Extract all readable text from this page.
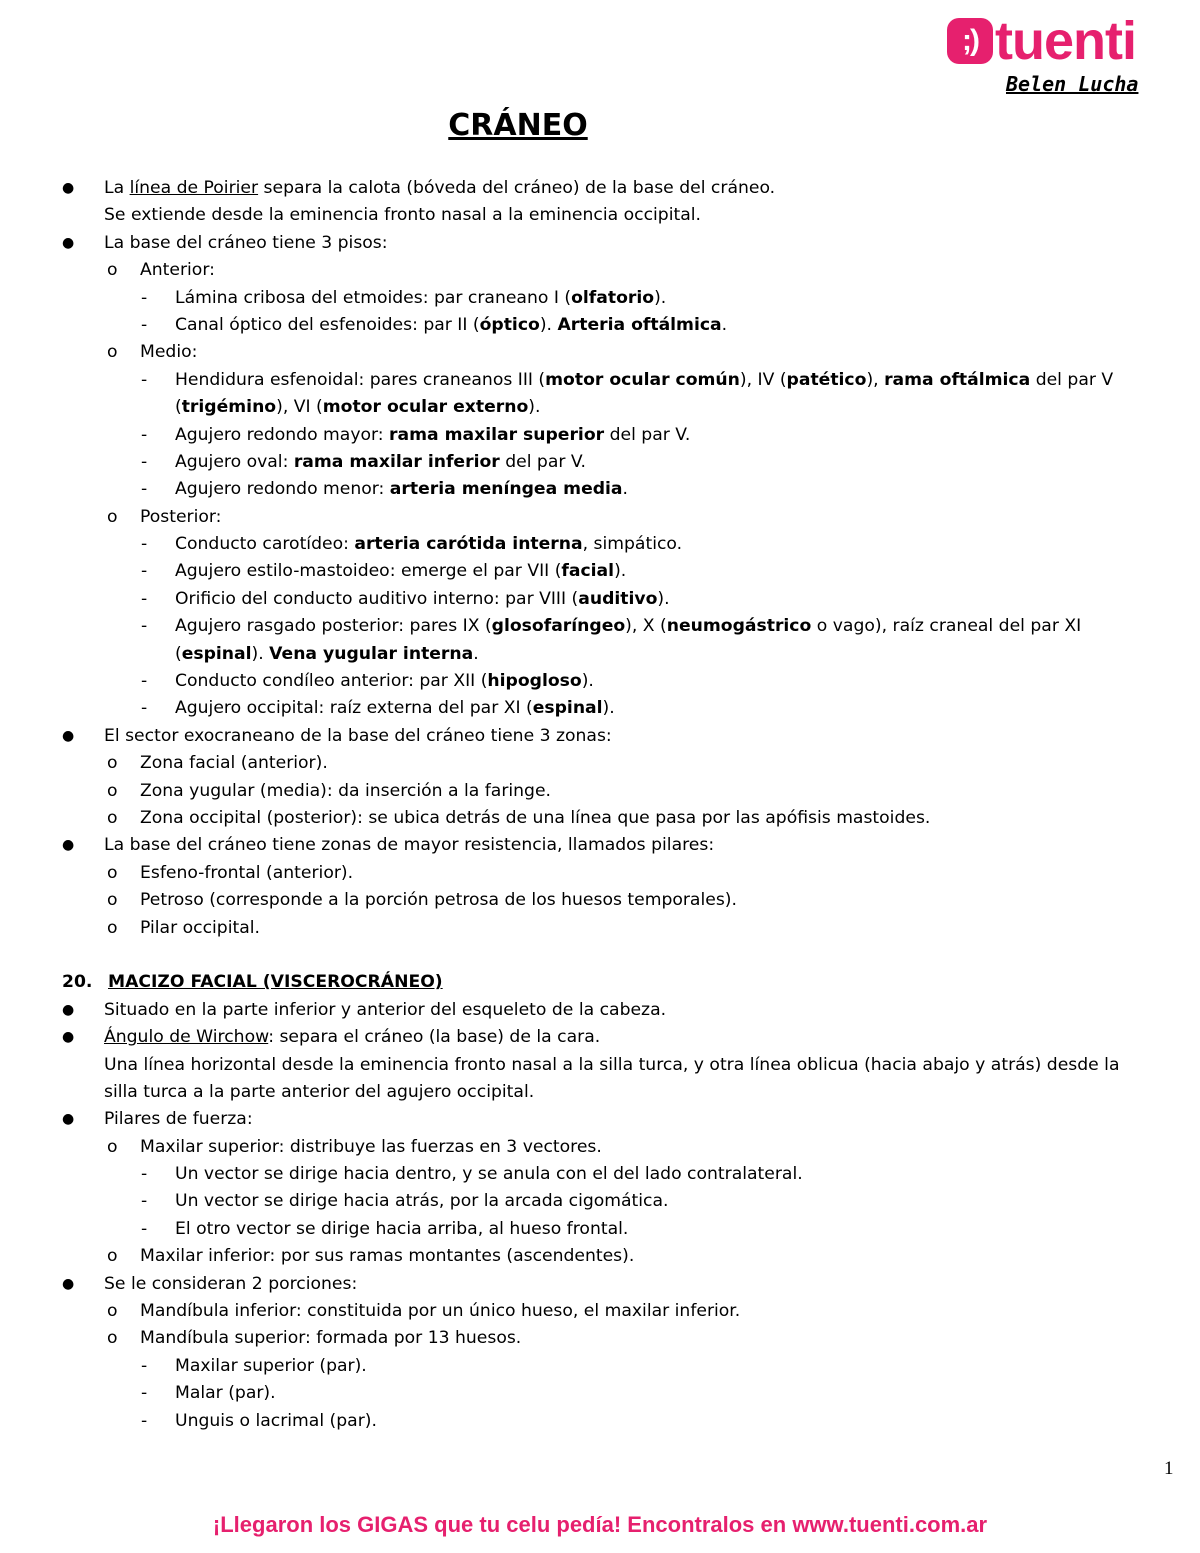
;) tuenti
Belen Lucha
CRÁNEO
● La línea de Poirier separa la calota (bóveda del cráneo) de la base del cráneo.
Se extiende desde la eminencia fronto nasal a la eminencia occipital.
● La base del cráneo tiene 3 pisos:
o Anterior:
- Lámina cribosa del etmoides: par craneano I (olfatorio).
- Canal óptico del esfenoides: par II (óptico). Arteria oftálmica.
o Medio:
- Hendidura esfenoidal: pares craneanos III (motor ocular común), IV (patético), rama oftálmica del par V
(trigémino), VI (motor ocular externo).
- Agujero redondo mayor: rama maxilar superior del par V.
- Agujero oval: rama maxilar inferior del par V.
- Agujero redondo menor: arteria meníngea media.
o Posterior:
- Conducto carotídeo: arteria carótida interna, simpático.
- Agujero estilo-mastoideo: emerge el par VII (facial).
- Orificio del conducto auditivo interno: par VIII (auditivo).
- Agujero rasgado posterior: pares IX (glosofaríngeo), X (neumogástrico o vago), raíz craneal del par XI
(espinal). Vena yugular interna.
- Conducto condíleo anterior: par XII (hipogloso).
- Agujero occipital: raíz externa del par XI (espinal).
● El sector exocraneano de la base del cráneo tiene 3 zonas:
o Zona facial (anterior).
o Zona yugular (media): da inserción a la faringe.
o Zona occipital (posterior): se ubica detrás de una línea que pasa por las apófisis mastoides.
● La base del cráneo tiene zonas de mayor resistencia, llamados pilares:
o Esfeno-frontal (anterior).
o Petroso (corresponde a la porción petrosa de los huesos temporales).
o Pilar occipital.
20. MACIZO FACIAL (VISCEROCRÁNEO)
● Situado en la parte inferior y anterior del esqueleto de la cabeza.
● Ángulo de Wirchow: separa el cráneo (la base) de la cara.
Una línea horizontal desde la eminencia fronto nasal a la silla turca, y otra línea oblicua (hacia abajo y atrás) desde la
silla turca a la parte anterior del agujero occipital.
● Pilares de fuerza:
o Maxilar superior: distribuye las fuerzas en 3 vectores.
- Un vector se dirige hacia dentro, y se anula con el del lado contralateral.
- Un vector se dirige hacia atrás, por la arcada cigomática.
- El otro vector se dirige hacia arriba, al hueso frontal.
o Maxilar inferior: por sus ramas montantes (ascendentes).
● Se le consideran 2 porciones:
o Mandíbula inferior: constituida por un único hueso, el maxilar inferior.
o Mandíbula superior: formada por 13 huesos.
- Maxilar superior (par).
- Malar (par).
- Unguis o lacrimal (par).
1
¡Llegaron los GIGAS que tu celu pedía! Encontralos en www.tuenti.com.ar
